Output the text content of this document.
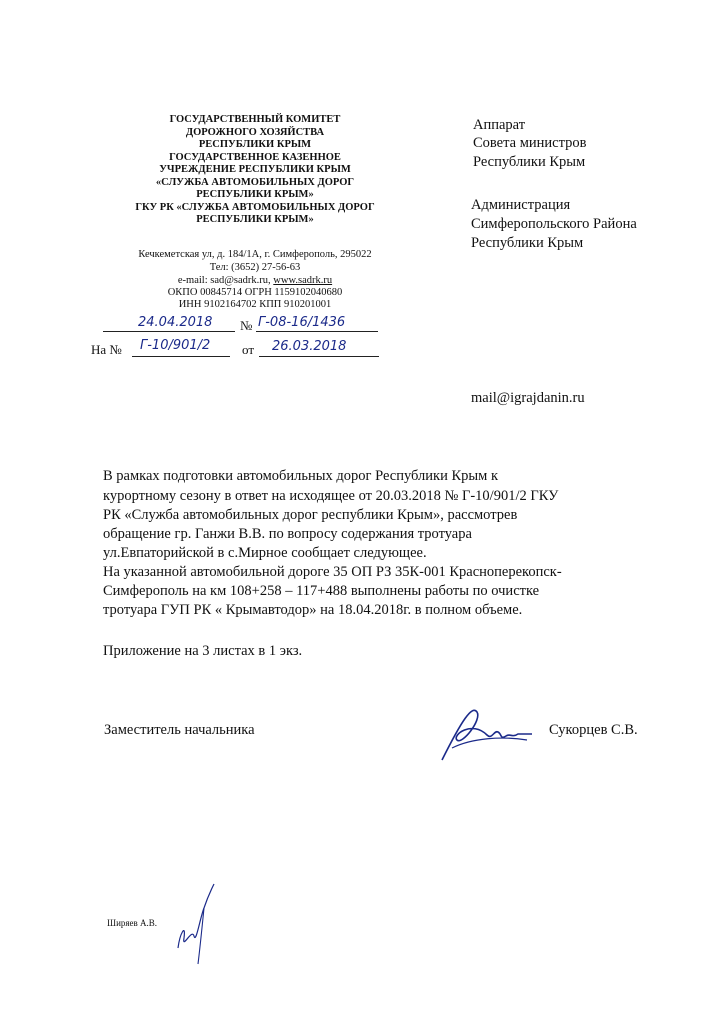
ГОСУДАРСТВЕННЫЙ КОМИТЕТ
ДОРОЖНОГО ХОЗЯЙСТВА
РЕСПУБЛИКИ КРЫМ
ГОСУДАРСТВЕННОЕ КАЗЕННОЕ
УЧРЕЖДЕНИЕ РЕСПУБЛИКИ КРЫМ
«СЛУЖБА АВТОМОБИЛЬНЫХ ДОРОГ
РЕСПУБЛИКИ КРЫМ»
ГКУ РК «СЛУЖБА АВТОМОБИЛЬНЫХ ДОРОГ
РЕСПУБЛИКИ КРЫМ»
Кечкеметская ул, д. 184/1А, г. Симферополь, 295022
Тел: (3652) 27-56-63
e-mail: sad@sadrk.ru, www.sadrk.ru
ОКПО 00845714 ОГРН 1159102040680
ИНН 9102164702 КПП 910201001
24.04.2018 № Г-08-16/1436
На № Г-10/901/2 от 26.03.2018
Аппарат
Совета министров
Республики Крым
Администрация
Симферопольского Района
Республики Крым
mail@igrajdanin.ru
В рамках подготовки автомобильных дорог Республики Крым к
курортному сезону в ответ на исходящее от 20.03.2018 № Г-10/901/2 ГКУ
РК «Служба автомобильных дорог республики Крым», рассмотрев
обращение гр. Ганжи В.В. по вопросу содержания тротуара
ул.Евпаторийской в с.Мирное сообщает следующее.
На указанной автомобильной дороге 35 ОП РЗ 35К-001 Красноперекопск-
Симферополь на км 108+258 – 117+488 выполнены работы по очистке
тротуара ГУП РК « Крымавтодор» на 18.04.2018г. в полном объеме.
Приложение на 3 листах в 1 экз.
Заместитель начальника	Сукорцев С.В.
Ширяев А.В.
